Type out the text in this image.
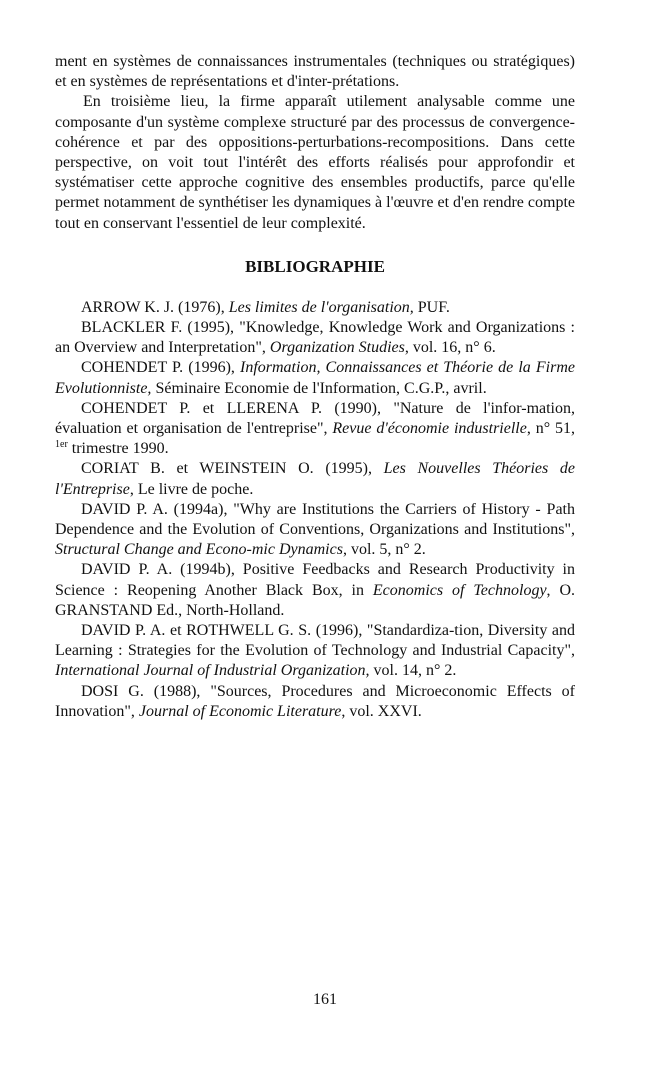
ment en systèmes de connaissances instrumentales (techniques ou stratégiques) et en systèmes de représentations et d'inter-prétations.

En troisième lieu, la firme apparaît utilement analysable comme une composante d'un système complexe structuré par des processus de convergence-cohérence et par des oppositions-perturbations-recompositions. Dans cette perspective, on voit tout l'intérêt des efforts réalisés pour approfondir et systématiser cette approche cognitive des ensembles productifs, parce qu'elle permet notamment de synthétiser les dynamiques à l'œuvre et d'en rendre compte tout en conservant l'essentiel de leur complexité.

BIBLIOGRAPHIE

ARROW K. J. (1976), Les limites de l'organisation, PUF.

BLACKLER F. (1995), "Knowledge, Knowledge Work and Organizations : an Overview and Interpretation", Organization Studies, vol. 16, n° 6.

COHENDET P. (1996), Information, Connaissances et Théorie de la Firme Evolutionniste, Séminaire Economie de l'Information, C.G.P., avril.

COHENDET P. et LLERENA P. (1990), "Nature de l'infor-mation, évaluation et organisation de l'entreprise", Revue d'économie industrielle, n° 51, $^{1er}$ trimestre 1990.

CORIAT B. et WEINSTEIN O. (1995), Les Nouvelles Théories de l'Entreprise, Le livre de poche.

DAVID P. A. (1994a), "Why are Institutions the Carriers of History - Path Dependence and the Evolution of Conventions, Organizations and Institutions", Structural Change and Econo-mic Dynamics, vol. 5, n° 2.

DAVID P. A. (1994b), Positive Feedbacks and Research Productivity in Science : Reopening Another Black Box, in Economics of Technology, O. GRANSTAND Ed., North-Holland.

DAVID P. A. et ROTHWELL G. S. (1996), "Standardiza-tion, Diversity and Learning : Strategies for the Evolution of Technology and Industrial Capacity", International Journal of Industrial Organization, vol. 14, n° 2.

DOSI G. (1988), "Sources, Procedures and Microeconomic Effects of Innovation", Journal of Economic Literature, vol. XXVI.

161
